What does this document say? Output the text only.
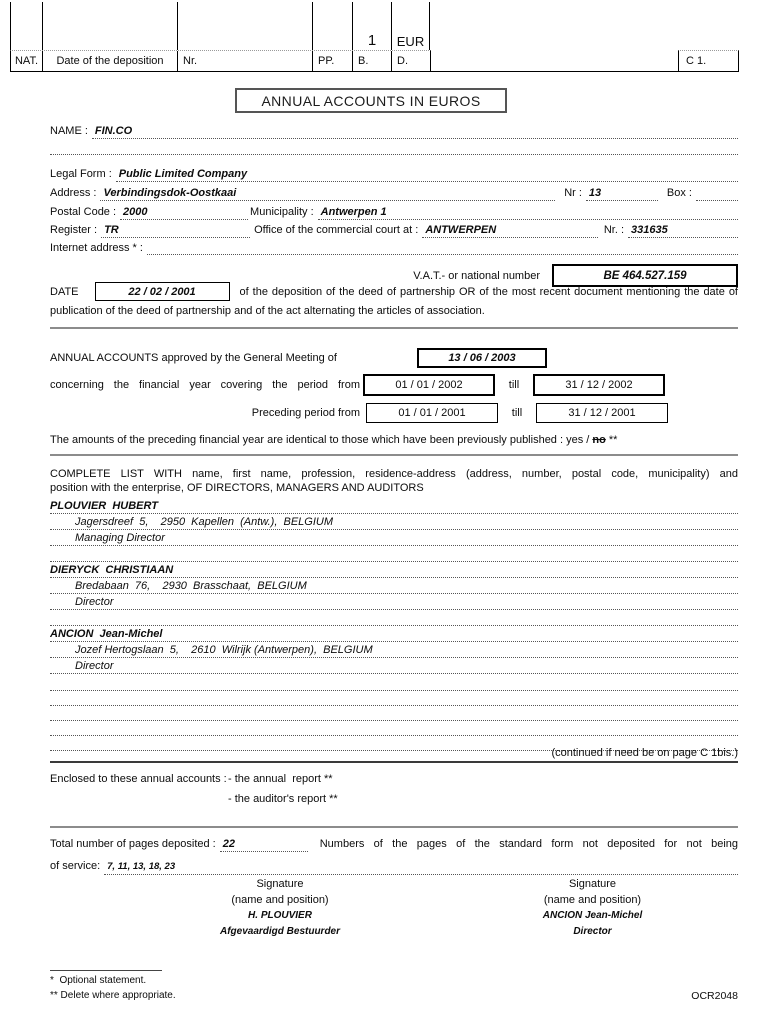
1	EUR
NAT.	Date of the deposition	Nr.	PP.	B.	D.	C 1.
ANNUAL ACCOUNTS IN EUROS
NAME : FIN.CO
Legal Form : Public Limited Company
Address : Verbindingsdok-Oostkaai	Nr : 13	Box :
Postal Code : 2000	Municipality : Antwerpen 1
Register : TR	Office of the commercial court at : ANTWERPEN	Nr. : 331635
Internet address * :
V.A.T.- or national number	BE 464.527.159
DATE	22 / 02 / 2001	of the deposition of the deed of partnership OR of the most recent document mentioning the date of
publication of the deed of partnership and of the act alternating the articles of association.
ANNUAL ACCOUNTS approved by the General Meeting of	13 / 06 / 2003
concerning the financial year covering the period from	01 / 01 / 2002	till	31 / 12 / 2002
Preceding period from	01 / 01 / 2001	till	31 / 12 / 2001
The amounts of the preceding financial year are identical to those which have been previously published : yes / no **
COMPLETE LIST WITH name, first name, profession, residence-address (address, number, postal code, municipality) and
position with the enterprise, OF DIRECTORS, MANAGERS AND AUDITORS
PLOUVIER  HUBERT
Jagersdreef  5,    2950  Kapellen  (Antw.),  BELGIUM
Managing Director
DIERYCK  CHRISTIAAN
Bredabaan  76,    2930  Brasschaat,  BELGIUM
Director
ANCION  Jean-Michel
Jozef Hertogslaan  5,    2610  Wilrijk (Antwerpen),  BELGIUM
Director
(continued if need be on page C 1bis.)
Enclosed to these annual accounts : - the annual  report **
- the auditor's report **
Total number of pages deposited : 22	Numbers of the pages of the standard form not deposited for not being
of service: 7, 11, 13, 18, 23
Signature
(name and position)
H. PLOUVIER
Afgevaardigd Bestuurder
Signature
(name and position)
ANCION Jean-Michel
Director
*  Optional statement.
** Delete where appropriate.	OCR2048
